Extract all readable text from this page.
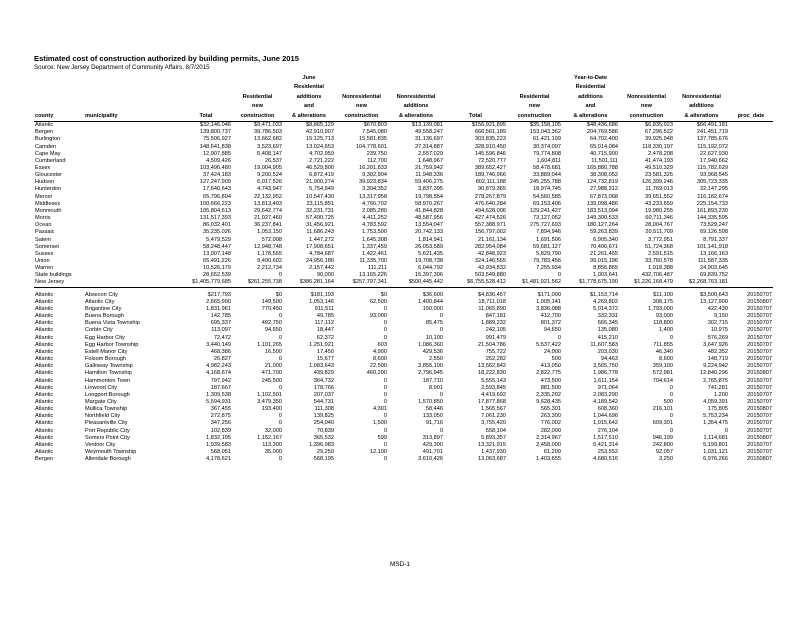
Estimated cost of construction authorized by building permits, June 2015
Source: New Jersey Department of Community Affairs, 8/7/2015
				June					Year-to-Date			
				Residential					Residential			
			Residential	additions	Nonresidential	Nonresidential		Residential	additions	Nonresidential	Nonresidential	
			new	and	new	additions		new	and	new	additions	
county	municipality	Total	construction	& alterations	construction	& alterations	Total	construction	& alterations	construction	& alterations	proc_date
Atlantic		$32,146,046	$9,471,033	$8,865,129	$670,803	$13,139,081	$156,921,895	$35,158,105	$48,436,686	$6,835,923	$66,491,181	
Bergen		139,800,737	39,786,503	42,910,907	7,545,080	49,558,247	666,561,189	153,043,362	204,769,586	67,296,522	241,451,719	
Burlington		75,506,927	13,662,682	15,125,713	15,581,835	31,136,697	303,835,223	61,421,199	64,702,400	39,925,948	137,785,676	
Camden		148,641,838	3,523,697	13,024,653	104,778,601	27,314,887	328,910,450	30,374,097	65,014,084	118,330,197	115,192,072	
Cape May		12,907,885	5,408,147	4,702,959	239,750	2,557,029	145,596,846	79,774,808	40,715,900	2,478,208	22,627,930	
Cumberland		4,509,426	26,537	2,721,222	112,700	1,648,967	72,520,777	1,604,811	11,501,111	41,474,193	17,940,662	
Essex		103,496,480	19,004,905	46,529,800	16,201,833	21,759,942	389,652,427	58,478,681	165,880,788	49,510,329	115,782,629	
Gloucester		37,424,183	9,200,524	6,872,419	9,302,904	11,948,336	189,746,966	33,889,044	38,308,052	23,581,325	93,968,545	
Hudson		127,247,909	6,017,526	21,900,274	39,923,834	59,406,275	802,111,188	245,255,788	124,732,819	126,399,246	305,723,335	
Hunterdon		17,640,643	4,743,947	5,754,949	3,304,352	3,837,395	90,879,365	18,974,745	27,988,312	11,769,013	32,147,295	
Mercer		65,796,894	22,132,952	10,547,430	13,317,958	19,798,554	278,267,879	54,560,585	67,873,068	39,651,552	116,182,674	
Middlesex		100,666,223	13,813,403	23,115,851	4,766,702	58,970,267	476,640,284	69,153,406	139,098,486	43,233,659	225,154,733	
Monmouth		105,804,613	29,642,774	32,231,731	2,085,280	41,844,828	494,628,006	129,241,427	183,513,094	19,980,255	161,893,230	
Morris		131,517,393	21,027,460	57,490,725	4,411,252	48,587,956	427,474,526	73,127,052	149,300,533	60,711,346	144,335,595	
Ocean		86,032,401	36,237,841	31,456,921	4,783,592	13,554,047	557,388,971	275,727,693	180,127,264	28,004,767	73,529,247	
Passaic		35,235,026	1,053,150	11,686,243	1,753,500	20,742,133	156,797,002	7,894,946	59,263,839	20,511,709	69,126,508	
Salem		5,479,529	572,008	1,447,272	1,645,308	1,814,941	21,161,134	1,691,506	6,905,340	3,772,951	8,791,337	
Somerset		58,248,447	12,948,748	17,908,651	1,337,459	26,053,589	282,954,084	59,681,127	70,406,671	51,724,368	101,141,918	
Sussex		13,007,148	1,178,565	4,784,687	1,422,461	5,621,435	42,848,923	5,829,790	21,261,455	2,591,515	13,166,163	
Union		65,491,226	9,490,602	24,956,186	11,335,700	19,708,738	324,146,565	79,783,456	99,015,196	33,760,578	111,587,335	
Warren		10,526,179	2,212,734	2,157,442	111,211	6,044,792	42,934,832	7,255,934	8,856,865	1,918,388	24,903,645	
State buildings		28,652,539	0	90,000	13,165,226	15,397,306	503,549,880	0	1,003,641	432,706,487	69,839,752	
New Jersey		$1,405,779,685	$261,255,738	$386,281,164	$257,797,341	$500,445,442	$6,755,528,412	$1,481,921,562	$1,778,675,190	$1,226,168,479	$2,268,763,181	

Atlantic	Absecon City	$217,793	$0	$181,193	$0	$36,600	$4,836,457	$171,000	$1,153,714	$11,100	$3,500,643	20150707
Atlantic	Atlantic City	2,665,990	149,500	1,053,146	62,500	1,400,844	18,711,018	1,005,141	4,269,802	308,175	13,127,900	20150807
Atlantic	Brigantine City	1,831,961	770,450	911,511	0	150,000	11,065,890	3,836,088	5,014,372	1,793,000	422,430	20150707
Atlantic	Buena Borough	142,785	0	49,785	93,000	0	847,181	412,700	332,331	93,000	9,150	20150707
Atlantic	Buena Vista Township	695,337	492,750	117,112	0	85,475	1,889,232	801,372	666,345	118,800	302,715	20150707
Atlantic	Corbin City	113,097	94,650	18,447	0	0	242,105	94,650	135,080	1,400	10,975	20150707
Atlantic	Egg Harbor City	72,472	0	62,372	0	10,100	991,479	0	415,210	0	576,269	20150707
Atlantic	Egg Harbor Township	3,440,149	1,101,265	1,251,921	603	1,086,360	21,504,786	5,537,422	11,607,583	711,855	3,647,926	20150707
Atlantic	Estell Manor City	468,386	16,500	17,450	4,900	429,536	755,722	24,000	203,030	46,340	482,352	20150707
Atlantic	Folsom Borough	26,827	0	15,677	8,600	2,550	252,282	500	94,463	8,600	148,719	20150707
Atlantic	Galloway Township	4,982,243	21,000	1,083,643	22,500	3,855,100	13,562,842	413,050	3,565,750	359,100	9,224,942	20150707
Atlantic	Hamilton Township	4,168,674	471,700	439,829	460,200	2,796,945	18,222,830	2,822,775	1,986,778	572,981	12,840,296	20150807
Atlantic	Hammonton Town	797,942	245,500	364,732	0	187,710	5,555,143	473,500	1,611,154	704,614	2,765,875	20150707
Atlantic	Linwood City	187,667	0	178,766	0	8,901	2,593,845	881,500	971,064	0	741,281	20150707
Atlantic	Longport Borough	1,309,538	1,102,501	207,037	0	0	4,419,692	2,335,202	2,083,290	0	1,200	20150707
Atlantic	Margate City	5,594,931	3,479,350	544,731	0	1,570,850	17,877,868	9,628,435	4,189,542	500	4,059,391	20150707
Atlantic	Mullica Township	367,455	193,400	111,308	4,301	58,446	1,565,567	565,301	608,360	216,101	175,805	20150807
Atlantic	Northfield City	272,875	0	139,825	0	133,050	7,061,230	263,300	1,044,696	0	5,753,234	20150707
Atlantic	Pleasantville City	347,256	0	254,040	1,500	91,716	3,755,420	776,002	1,015,642	609,301	1,354,475	20150707
Atlantic	Port Republic City	102,839	32,000	70,839	0	0	558,104	282,000	276,104	0	0	20150707
Atlantic	Somers Point City	1,832,195	1,152,167	365,532	599	313,897	5,893,357	2,314,967	1,517,510	946,199	1,114,681	20150807
Atlantic	Ventnor City	1,939,583	113,300	1,396,983	0	429,300	13,321,915	2,458,000	5,421,314	242,800	5,199,801	20150707
Atlantic	Weymouth Township	568,051	35,000	29,250	12,100	491,701	1,437,930	61,200	253,552	92,057	1,031,121	20150707
Bergen	Allendale Borough	4,178,621	0	568,195	0	3,610,426	13,063,687	1,403,655	4,680,516	3,250	6,976,266	20150807
MSD-1
